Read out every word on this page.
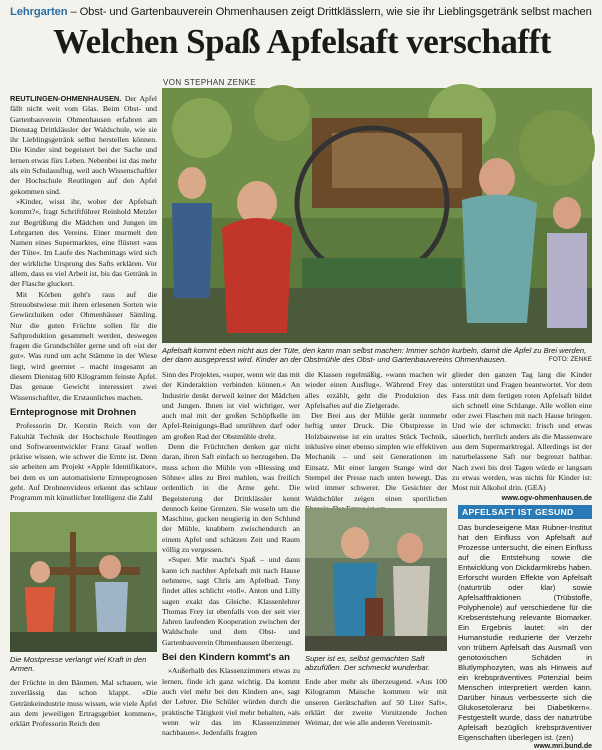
Lehrgarten – Obst- und Gartenbauverein Ohmenhausen zeigt Drittklässlern, wie sie ihr Lieblingsgetränk selbst machen
Welchen Spaß Apfelsaft verschafft
VON STEPHAN ZENKE
Apfelsaft kommt eben nicht aus der Tüte, den kann man selbst machen: Immer schön kurbeln, damit die Äpfel zu Brei werden, der dann ausgepresst wird. Kinder an der Obstmühle des Obst- und Gartenbauvereins Ohmenhausen.	FOTO: ZENKE

REUTLINGEN-OHMENHAUSEN. Der Apfel fällt nicht weit vom Glas. Beim Obst- und Gartenbauverein Ohmenhausen erfahren am Dienstag Drittklässler der Waldschule, wie sie ihr Lieblingsgetränk selbst herstellen können. Die Kinder sind begeistert bei der Sache und lernen etwas fürs Leben. Nebenbei ist das mehr als ein Schulausflug, weil auch Wissenschaftler der Hochschule Reutlingen auf den Apfel gekommen sind.

»Kinder, wisst ihr, woher der Apfelsaft kommt?«, fragt Schriftführer Reinhold Metzler zur Begrüßung die Mädchen und Jungen im Lehrgarten des Vereins. Einer murmelt den Namen eines Supermarktes, eine flüstert »aus der Tüte«. Im Laufe des Nachmittags wird sich der wirkliche Ursprung des Safts erklären. Vor allem, dass es viel Arbeit ist, bis das Getränk in der Flasche gluckert.

Mit Körben geht's raus auf die Streuobstwiese mit ihren erlesenen Sorten wie Gewürzluiken oder Ohmenhäuser Sämling. Nur die guten Früchte sollen für die Saftproduktion gesammelt werden, deswegen fragen die Grundschüler gerne und oft »ist der gut«. Was rund um acht Stämme in der Wiese liegt, wird geerntet – macht insgesamt an diesem Dienstag 600 Kilogramm feinste Äpfel. Das genaue Gewicht interessiert zwei Wissenschaftler, die Erstaunliches machen.

Ernteprognose mit Drohnen

Professorin Dr. Kerstin Reich von der Fakultät Technik der Hochschule Reutlingen und Softwareentwickler Franz Graaf wollen präzise wissen, wie schwer die Ernte ist. Denn sie arbeiten am Projekt »Apple Identifikator«, bei dem es um automatisierte Ernteprognosen geht. Auf Drohnenvideos erkennt das schlaue Programm mit künstlicher Intelligenz die Zahl

Die Mostpresse verlangt viel Kraft in den Armen.

der Früchte in den Bäumen. Mal schauen, wie zuverlässig das schon klappt. »Die Getränkeindustrie muss wissen, wie viele Äpfel aus dem jeweiligen Ertragsgebiet kommen«, erklärt Professorin Reich den

Sinn des Projektes, »super, wenn wir das mit der Kinderaktion verbinden können.« An Industrie denkt derweil keiner der Mädchen und Jungen. Ihnen ist viel wichtiger, wer auch mal mit der großen Schöpfkelle im Apfel-Reinigungs-Bad umrühren darf oder am großen Rad der Obstmühle dreht.

Denn die Früchtchen denken gar nicht daran, ihren Saft einfach so herzugeben. Da muss schon die Mühle von »Blessing und Söhne« alles zu Brei mahlen, was freilich ordentlich in die Arme geht. Die Begeisterung der Drittklässler kennt dennoch keine Grenzen. Sie wuseln um die Maschine, gucken neugierig in den Schlund der Mühle, knabbern zwischendurch an einem Apfel und schätzen Zeit und Raum völlig zu vergessen.

»Super. Mir macht's Spaß – und dann kann ich nachher Apfelsaft mit nach Hause nehmen«, sagt Chris am Apfelbad. Tony findet alles schlicht »toll«. Anton und Lilly sagen exakt das Gleiche. Klassenlehrer Thomas Frey ist ebenfalls von der seit vier Jahren laufenden Kooperation zwischen der Waldschule und dem Obst- und Gartenbauverein Ohmenhausen überzeugt.

Bei den Kindern kommt's an

»Außerhalb des Klassenzimmers etwas zu lernen, finde ich ganz wichtig. Da kommt auch viel mehr bei den Kindern an«, sagt der Lehrer. Die Schüler würden durch die praktische Tätigkeit viel mehr behalten, »als wenn wir das im Klassenzimmer nachbauen«. Jedenfalls fragten

die Klassen regelmäßig, »wann machen wir wieder einen Ausflug«. Während Frey das alles erzählt, geht die Produktion des Apfelsaftes auf die Zielgerade.

Der Brei aus der Mühle gerät nunmehr heftig unter Druck. Die Obstpresse in Holzbauweise ist ein uraltes Stück Technik, inklusive einer ebenso simplen wie effektiven Mechanik – und seit Generationen im Einsatz. Mit einer langen Stange wird der Stempel der Presse nach unten bewegt. Das wird immer schwerer. Die Gesichter der Waldschüler zeigen einen sportlichen

Super ist es, selbst gemachten Saft abzufüllen. Der schmeckt wunderbar.

Ende aber mehr als überzeugend. »Aus 100 Kilogramm Maische kommen wir mit unseren Gerätschaften auf 50 Liter Saft«, erklärt der zweite Vorsitzende Jochen Weimar, der wie alle anderen Vereinsmit-

glieder den ganzen Tag lang die Kinder unterstützt und Fragen beantwortet. Vor dem Fass mit dem fertigen roten Apfelsaft bildet sich schnell eine Schlange. Alle wollen eine oder zwei Flaschen mit nach Hause bringen. Und wie der schmeckt: frisch und etwas säuerlich, herrlich anders als die Massenware aus dem Supermarktregal. Allerdings ist der naturbelassene Saft nur begrenzt haltbar. Nach zwei bis drei Tagen würde er langsam zu etwas werden, was nichts für Kinder ist: Most mit Alkohol drin. (GEA)

www.ogv-ohmenhausen.de

APFELSAFT IST GESUND
Das bundeseigene Max Rubner-Institut hat den Einfluss von Apfelsaft auf Prozesse untersucht, die einen Einfluss auf die Entstehung sowie die Entwicklung von Dickdarmkrebs haben. Erforscht wurden Effekte von Apfelsaft (naturtrüb oder klar) sowie Apfelsaftfraktionen (Trübstoffe, Polyphenole) auf verschiedene für die Krebsentstehung relevante Biomarker. Ein Ergebnis lautet: »In der Humanstudie reduzierte der Verzehr von trübem Apfelsaft das Ausmaß von genotoxischen Schäden in Blutlymphozyten, was als Hinweis auf ein krebspräventives Potenzial beim Menschen interpretiert werden kann. Darüber hinaus verbesserte sich die Glukosetoleranz bei Diabetikern«. Festgestellt wurde, dass der naturtrübe Apfelsaft bezüglich krebspräventiver Eigenschaften überlegen ist. (zen)
www.mri.bund.de
